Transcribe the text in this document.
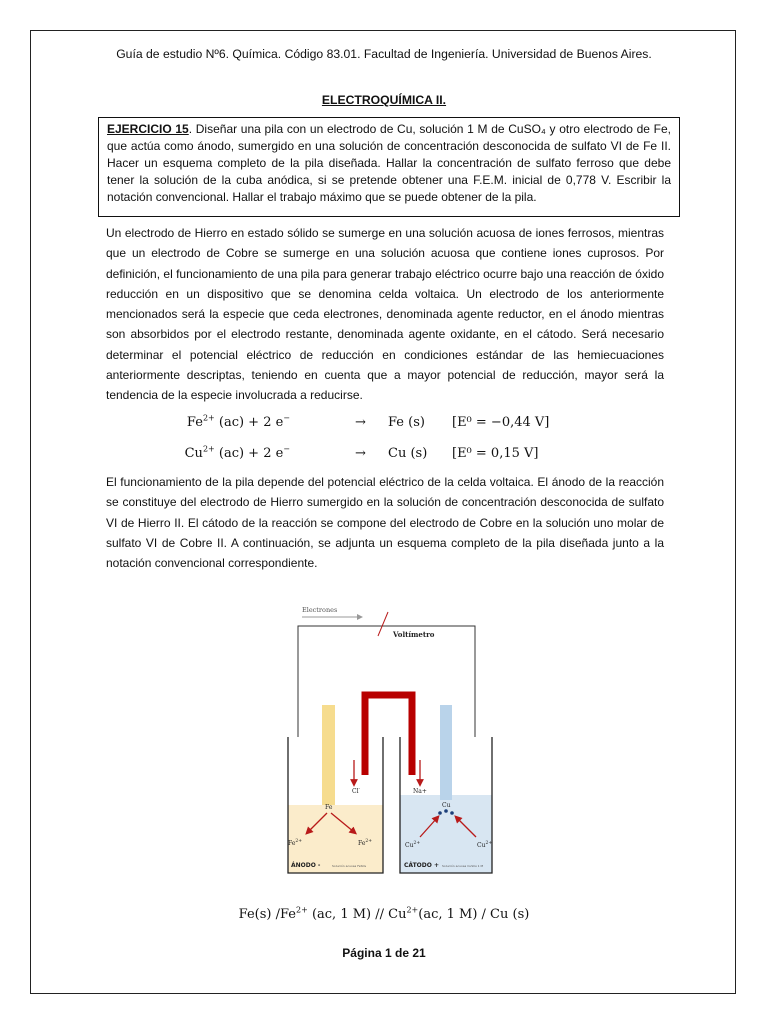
Guía de estudio Nº6. Química. Código 83.01. Facultad de Ingeniería. Universidad de Buenos Aires.
ELECTROQUÍMICA II.
EJERCICIO 15. Diseñar una pila con un electrodo de Cu, solución 1 M de CuSO₄ y otro electrodo de Fe, que actúa como ánodo, sumergido en una solución de concentración desconocida de sulfato VI de Fe II. Hacer un esquema completo de la pila diseñada. Hallar la concentración de sulfato ferroso que debe tener la solución de la cuba anódica, si se pretende obtener una F.E.M. inicial de 0,778 V. Escribir la notación convencional. Hallar el trabajo máximo que se puede obtener de la pila.
Un electrodo de Hierro en estado sólido se sumerge en una solución acuosa de iones ferrosos, mientras que un electrodo de Cobre se sumerge en una solución acuosa que contiene iones cuprosos. Por definición, el funcionamiento de una pila para generar trabajo eléctrico ocurre bajo una reacción de óxido reducción en un dispositivo que se denomina celda voltaica. Un electrodo de los anteriormente mencionados será la especie que ceda electrones, denominada agente reductor, en el ánodo mientras son absorbidos por el electrodo restante, denominada agente oxidante, en el cátodo. Será necesario determinar el potencial eléctrico de reducción en condiciones estándar de las hemiecuaciones anteriormente descriptas, teniendo en cuenta que a mayor potencial de reducción, mayor será la tendencia de la especie involucrada a reducirse.
$Fe^{2+}$ (ac) + 2 e−	→ Fe (s) [E⁰ = −0,44 V]
$Cu^{2+}$ (ac) + 2 e−	→ Cu (s) [E⁰ = 0,15 V]
El funcionamiento de la pila depende del potencial eléctrico de la celda voltaica. El ánodo de la reacción se constituye del electrodo de Hierro sumergido en la solución de concentración desconocida de sulfato VI de Hierro II. El cátodo de la reacción se compone del electrodo de Cobre en la solución uno molar de sulfato VI de Cobre II. A continuación, se adjunta un esquema completo de la pila diseñada junto a la notación convencional correspondiente.
Electrones
Voltímetro
Cl-	Na+
Fe
$Fe^{2+}$	$Fe^{2+}$
Cu
$Cu^{2+}$	$Cu^{2+}$
ÁNODO -	Solución acuosa FeSO₄	CÁTODO + Solución acuosa CuSO₄ 1 M
Fe(s) $/Fe^{2+}$ (ac, 1 $M) // Cu^{2+}(ac$, 1 M) / Cu (s)
Página 1 de 21
